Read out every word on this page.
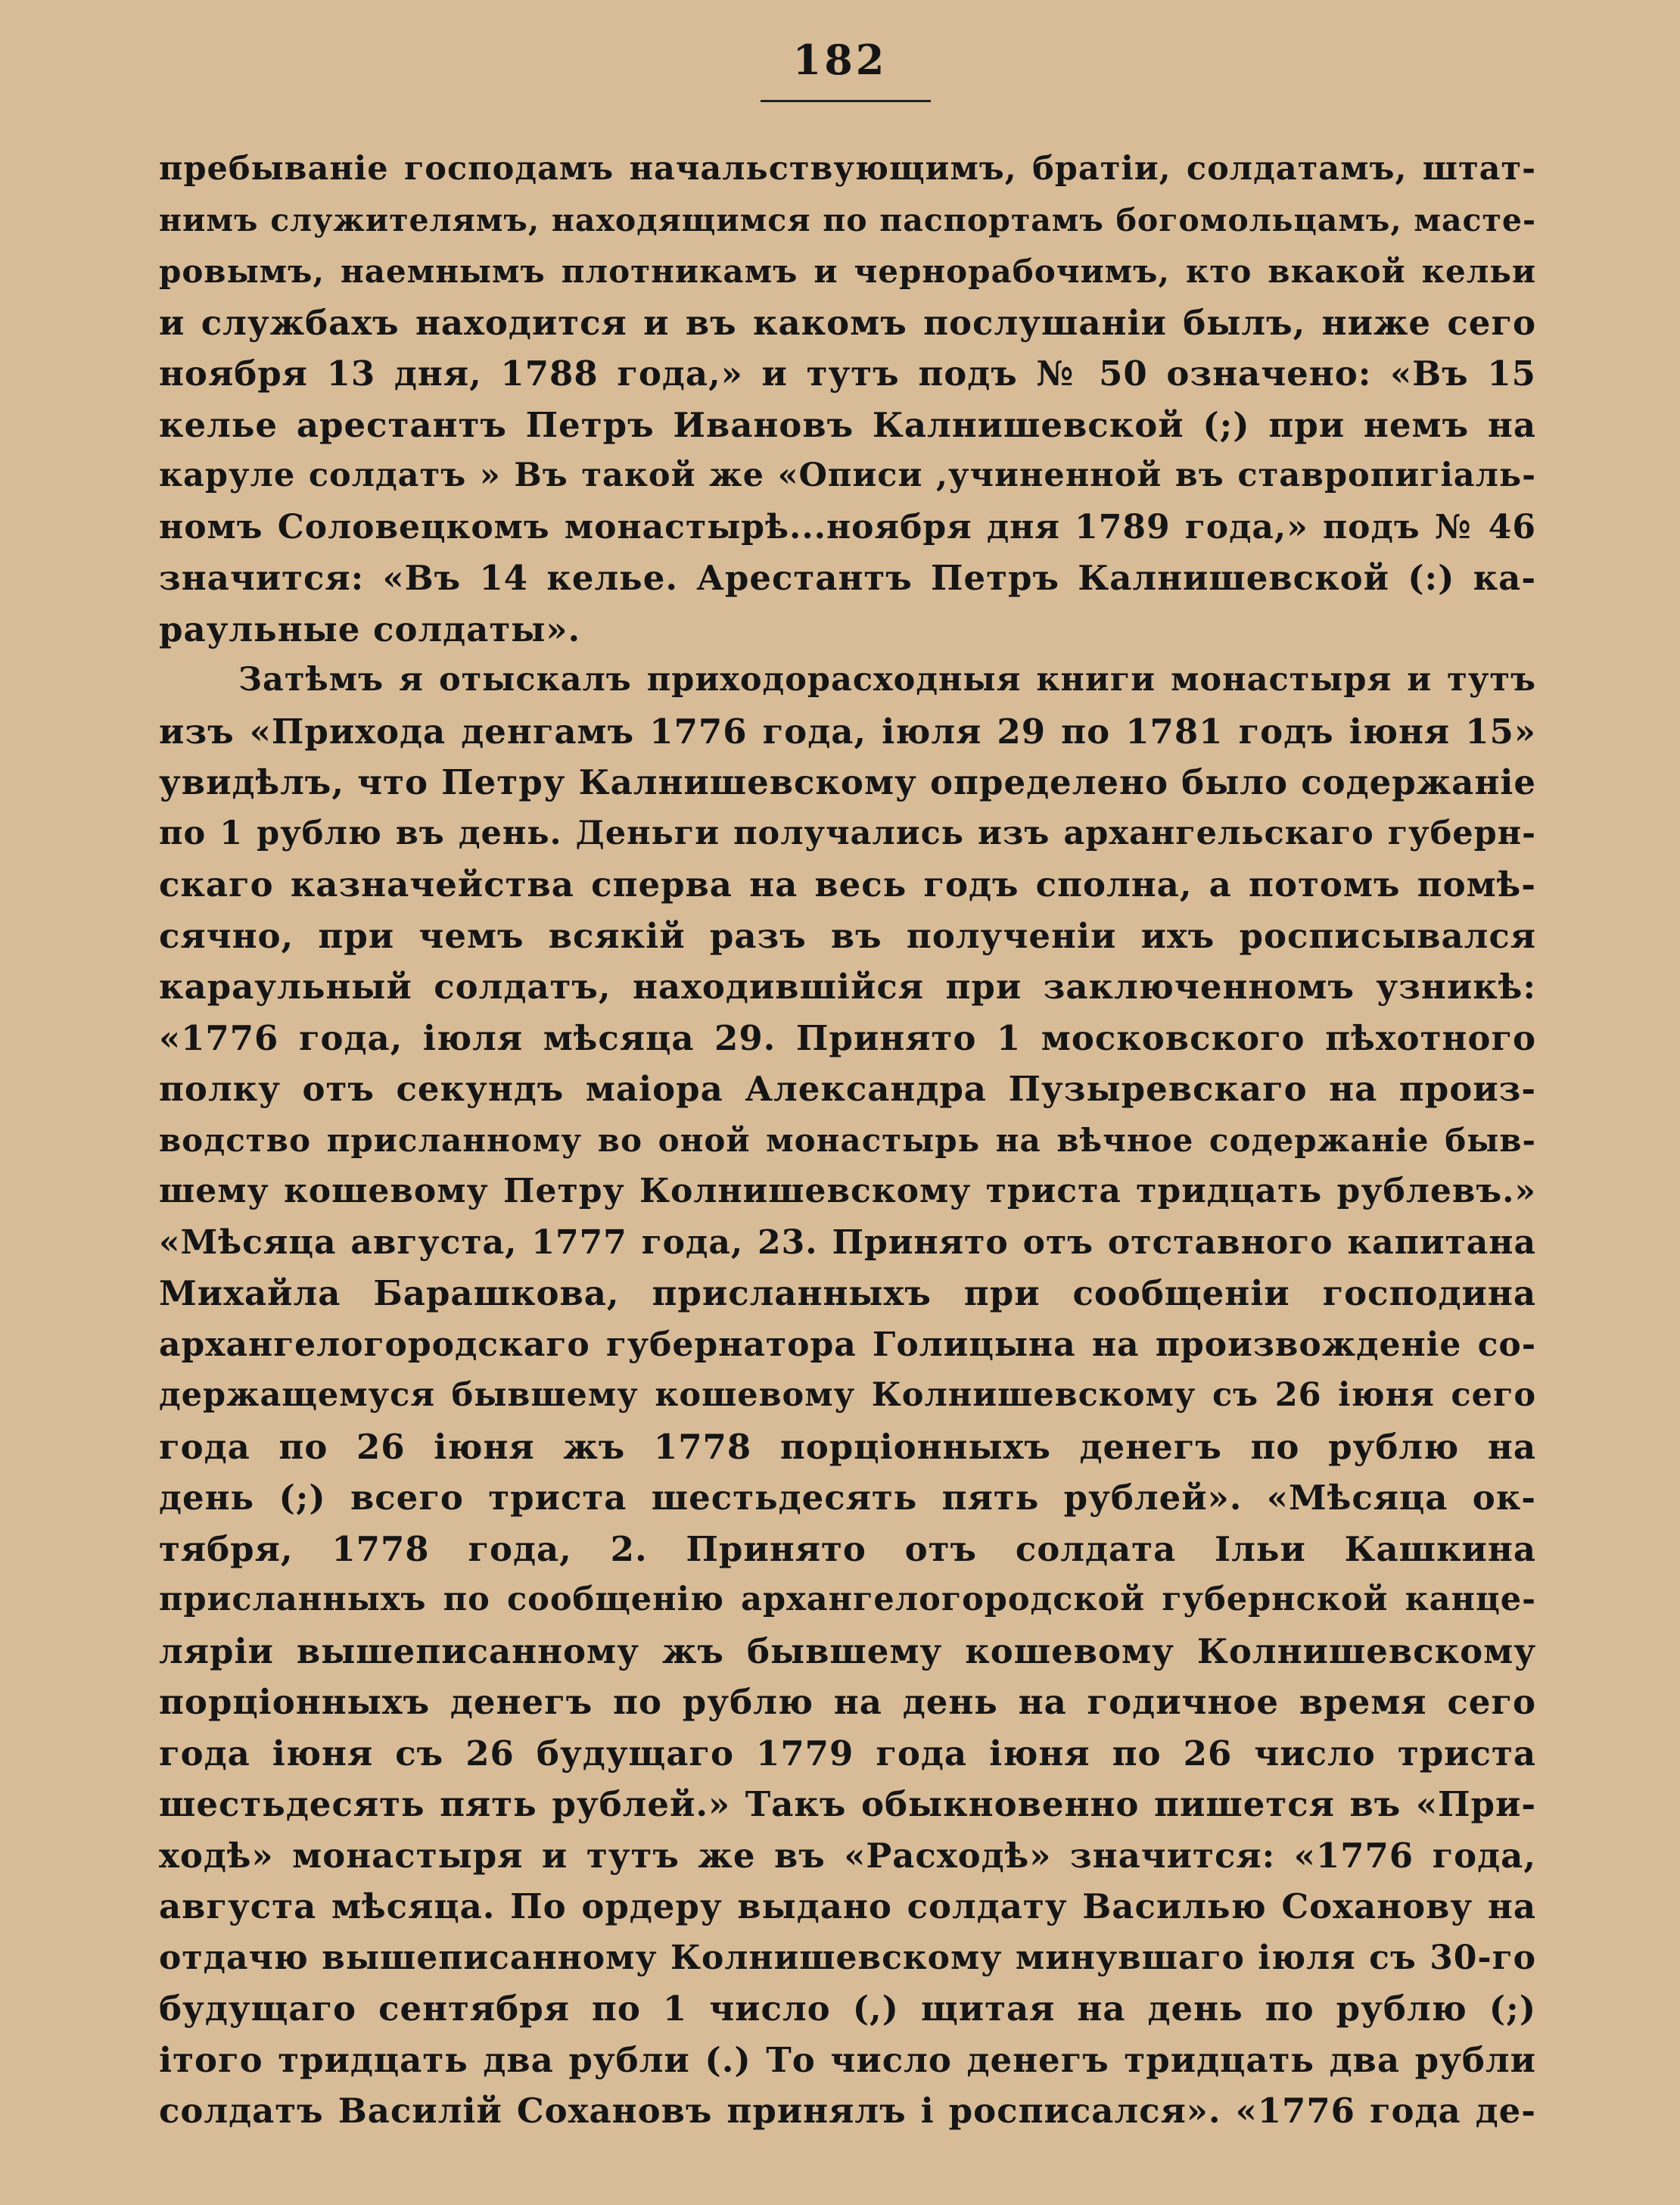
182
пребываніе господамъ начальствующимъ, братіи, солдатамъ, штат-
нимъ служителямъ, находящимся по паспортамъ богомольцамъ, масте-
ровымъ, наемнымъ плотникамъ и чернорабочимъ, кто вкакой кельи
и службахъ находится и въ какомъ послушаніи былъ, ниже сего
ноября 13 дня, 1788 года,» и тутъ подъ № 50 означено: «Въ 15
келье арестантъ Петръ Ивановъ Калнишевской (;) при немъ на
каруле солдатъ » Въ такой же «Описи ,учиненной въ ставропигіаль-
номъ Соловецкомъ монастырѣ...ноября дня 1789 года,» подъ № 46
значится: «Въ 14 келье. Арестантъ Петръ Калнишевской (:) ка-
раульные солдаты».
Затѣмъ я отыскалъ приходорасходныя книги монастыря и тутъ
изъ «Прихода денгамъ 1776 года, іюля 29 по 1781 годъ іюня 15»
увидѣлъ, что Петру Калнишевскому определено было содержаніе
по 1 рублю въ день. Деньги получались изъ архангельскаго губерн-
скаго казначейства сперва на весь годъ сполна, а потомъ помѣ-
сячно, при чемъ всякій разъ въ полученіи ихъ росписывался
караульный солдатъ, находившійся при заключенномъ узникѣ:
«1776 года, іюля мѣсяца 29. Принято 1 московского пѣхотного
полку отъ секундъ маіора Александра Пузыревскаго на произ-
водство присланному во оной монастырь на вѣчное содержаніе быв-
шему кошевому Петру Колнишевскому триста тридцать рублевъ.»
«Мѣсяца августа, 1777 года, 23. Принято отъ отставного капитана
Михайла Барашкова, присланныхъ при сообщеніи господина
архангелогородскаго губернатора Голицына на произвожденіе со-
держащемуся бывшему кошевому Колнишевскому съ 26 іюня сего
года по 26 іюня жъ 1778 порціонныхъ денегъ по рублю на
день (;) всего триста шестьдесять пять рублей». «Мѣсяца ок-
тября, 1778 года, 2. Принято отъ солдата Ільи Кашкина
присланныхъ по сообщенію архангелогородской губернской канце-
ляріи вышеписанному жъ бывшему кошевому Колнишевскому
порціонныхъ денегъ по рублю на день на годичное время сего
года іюня съ 26 будущаго 1779 года іюня по 26 число триста
шестьдесять пять рублей.» Такъ обыкновенно пишется въ «При-
ходѣ» монастыря и тутъ же въ «Расходѣ» значится: «1776 года,
августа мѣсяца. По ордеру выдано солдату Василью Соханову на
отдачю вышеписанному Колнишевскому минувшаго іюля съ 30-го
будущаго сентября по 1 число (,) щитая на день по рублю (;)
ітого тридцать два рубли (.) То число денегъ тридцать два рубли
солдатъ Василій Сохановъ принялъ і росписался». «1776 года де-
